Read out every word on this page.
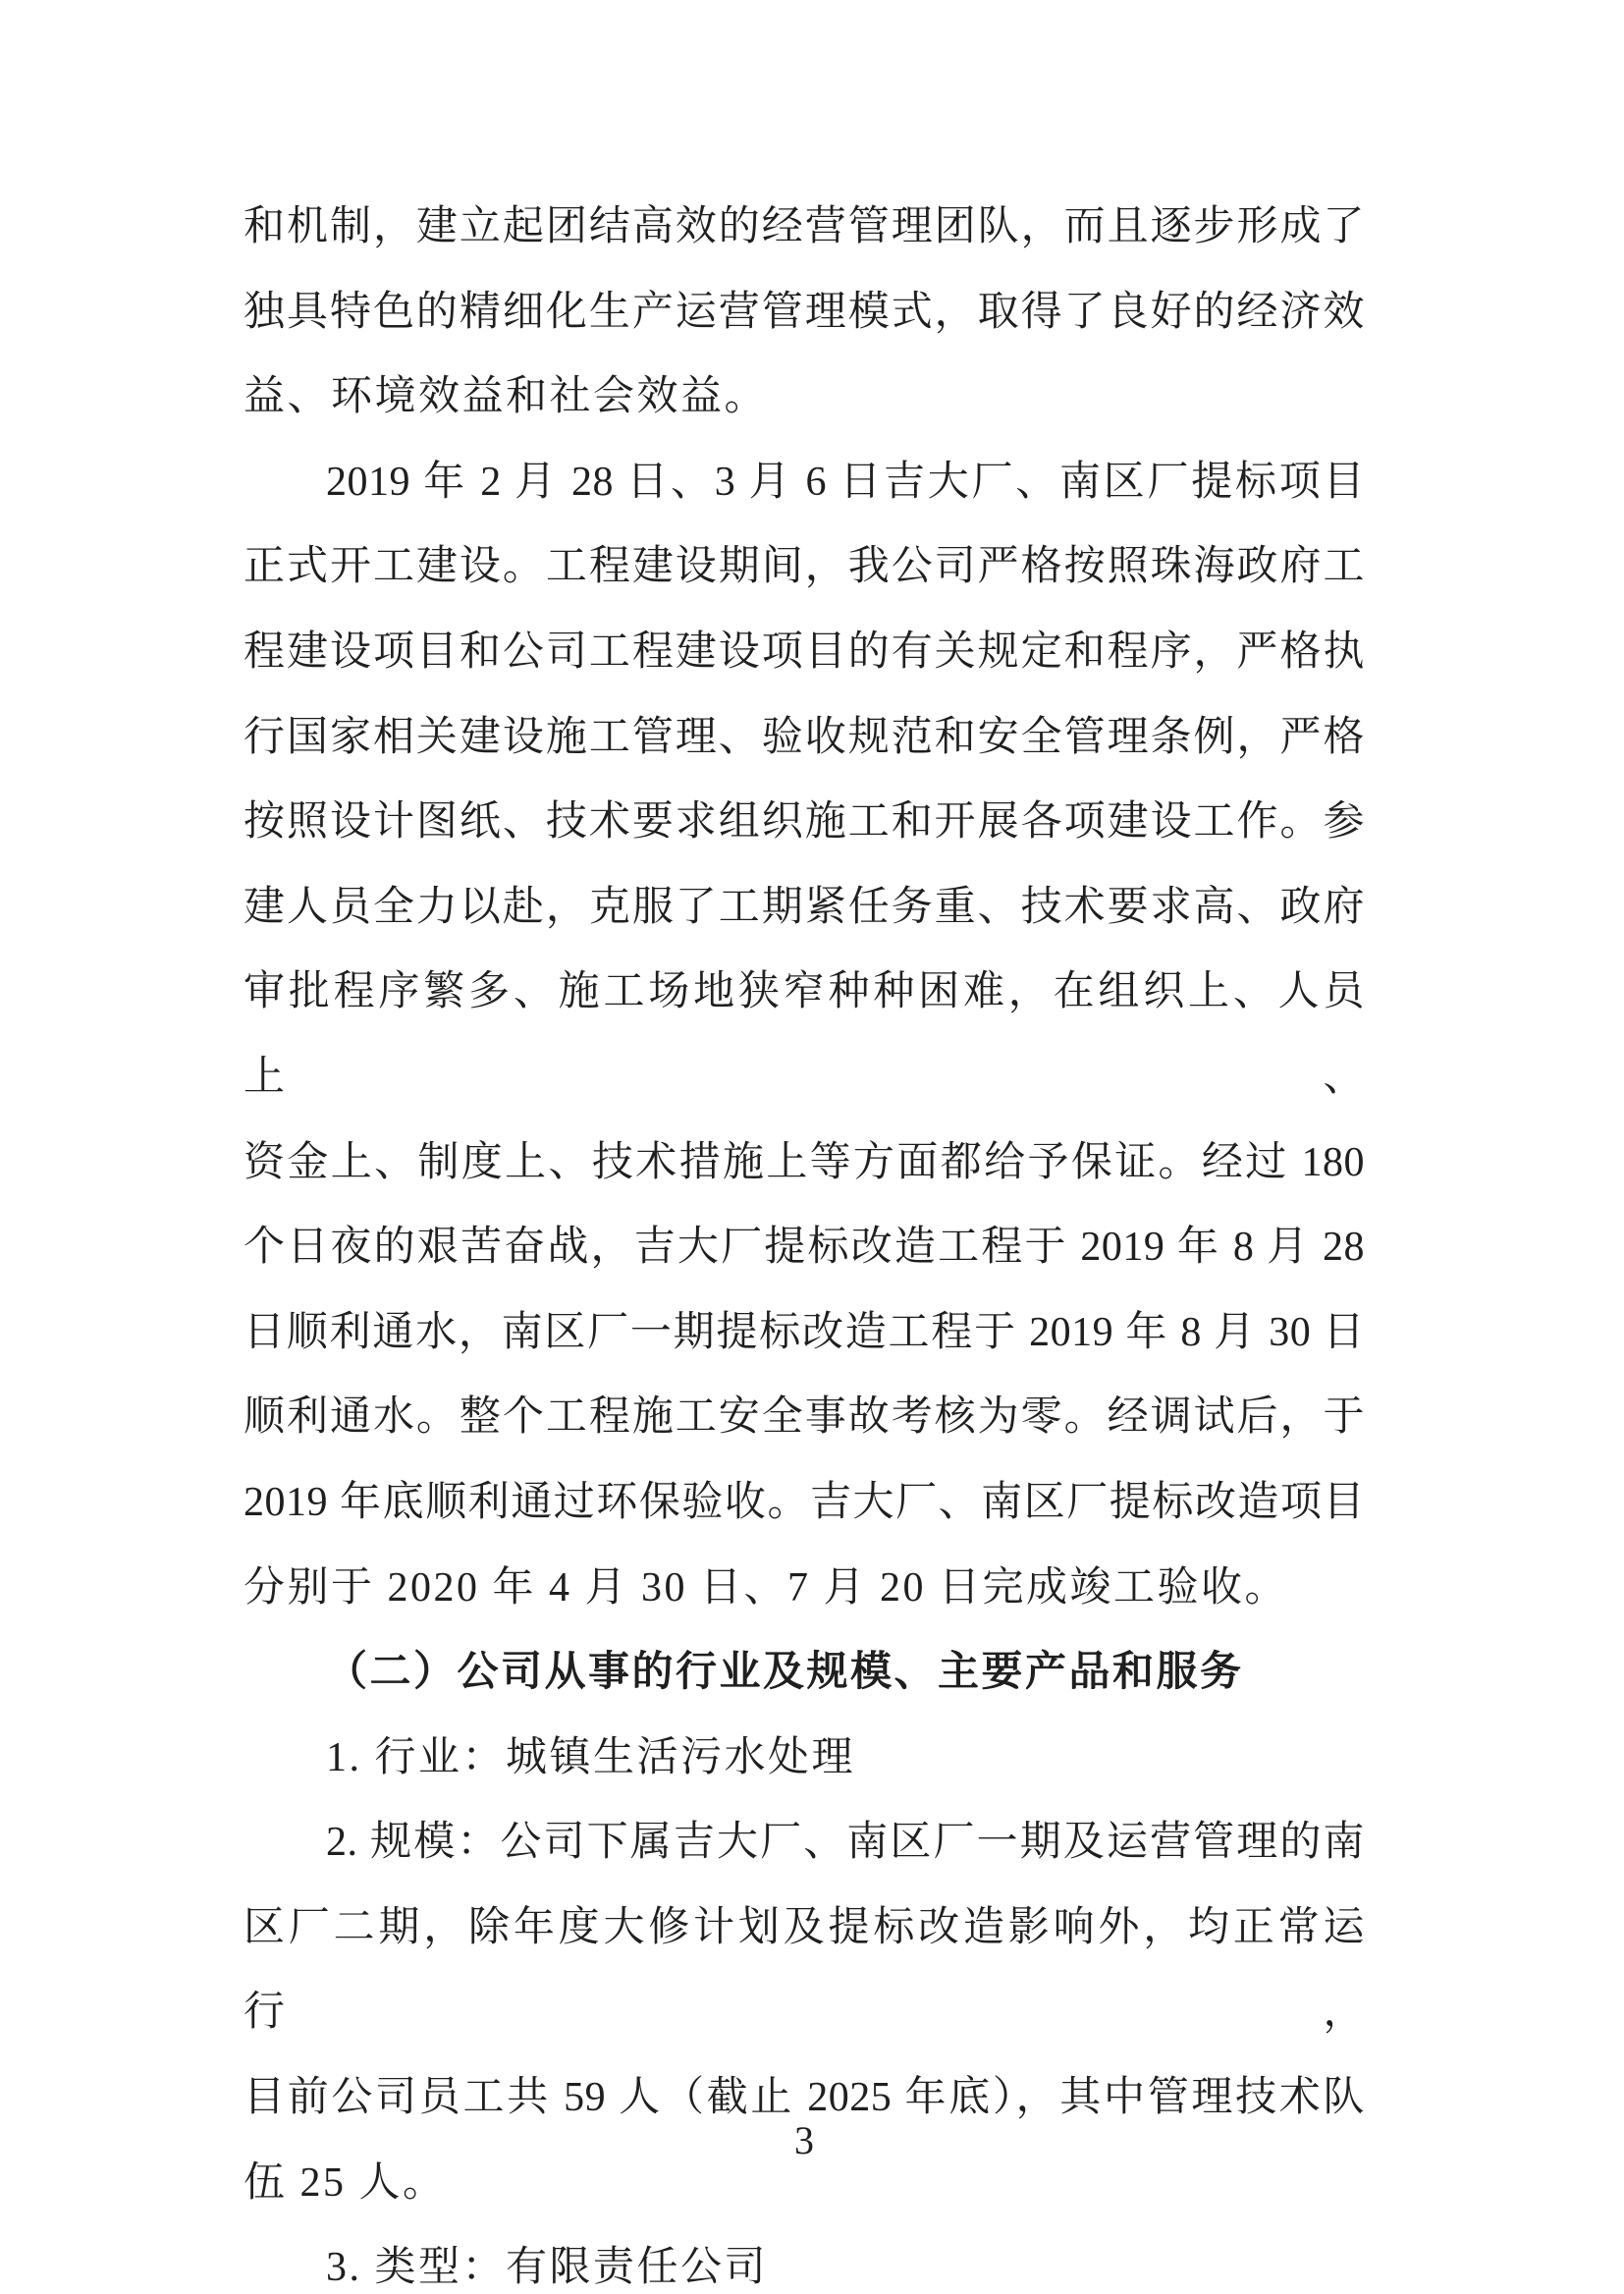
和机制，建立起团结高效的经营管理团队，而且逐步形成了

独具特色的精细化生产运营管理模式，取得了良好的经济效

益、环境效益和社会效益。

2019 年 2 月 28 日、3 月 6 日吉大厂、南区厂提标项目

正式开工建设。工程建设期间，我公司严格按照珠海政府工

程建设项目和公司工程建设项目的有关规定和程序，严格执

行国家相关建设施工管理、验收规范和安全管理条例，严格

按照设计图纸、技术要求组织施工和开展各项建设工作。参

建人员全力以赴，克服了工期紧任务重、技术要求高、政府

审批程序繁多、施工场地狭窄种种困难，在组织上、人员上、

资金上、制度上、技术措施上等方面都给予保证。经过 180

个日夜的艰苦奋战，吉大厂提标改造工程于 2019 年 8 月 28

日顺利通水，南区厂一期提标改造工程于 2019 年 8 月 30 日

顺利通水。整个工程施工安全事故考核为零。经调试后，于

2019 年底顺利通过环保验收。吉大厂、南区厂提标改造项目

分别于 2020 年 4 月 30 日、7 月 20 日完成竣工验收。

（二）公司从事的行业及规模、主要产品和服务

1. 行业：城镇生活污水处理

2. 规模：公司下属吉大厂、南区厂一期及运营管理的南

区厂二期，除年度大修计划及提标改造影响外，均正常运行，

目前公司员工共 59 人（截止 2025 年底），其中管理技术队

伍 25 人。

3. 类型：有限责任公司

3
